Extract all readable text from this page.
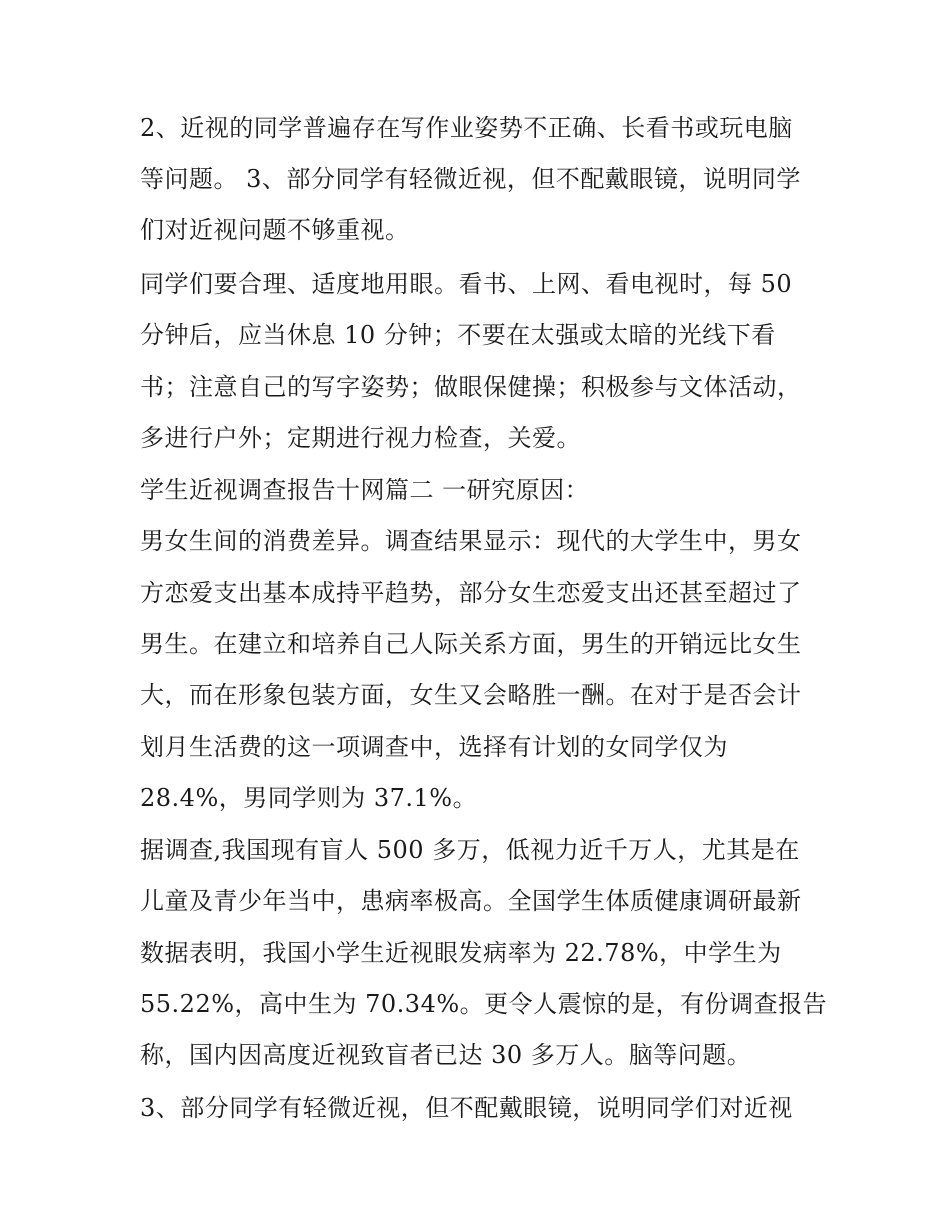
2、近视的同学普遍存在写作业姿势不正确、长看书或玩电脑
等问题。 3、部分同学有轻微近视，但不配戴眼镜，说明同学
们对近视问题不够重视。
同学们要合理、适度地用眼。看书、上网、看电视时，每 50
分钟后，应当休息 10 分钟；不要在太强或太暗的光线下看
书；注意自己的写字姿势；做眼保健操；积极参与文体活动，
多进行户外；定期进行视力检查，关爱。
学生近视调查报告十网篇二 一研究原因：
男女生间的消费差异。调查结果显示：现代的大学生中，男女
方恋爱支出基本成持平趋势，部分女生恋爱支出还甚至超过了
男生。在建立和培养自己人际关系方面，男生的开销远比女生
大，而在形象包装方面，女生又会略胜一酬。在对于是否会计
划月生活费的这一项调查中，选择有计划的女同学仅为
28.4%，男同学则为 37.1%。
据调查,我国现有盲人 500 多万，低视力近千万人，尤其是在
儿童及青少年当中，患病率极高。全国学生体质健康调研最新
数据表明，我国小学生近视眼发病率为 22.78%，中学生为
55.22%，高中生为 70.34%。更令人震惊的是，有份调查报告
称，国内因高度近视致盲者已达 30 多万人。脑等问题。
3、部分同学有轻微近视，但不配戴眼镜，说明同学们对近视
